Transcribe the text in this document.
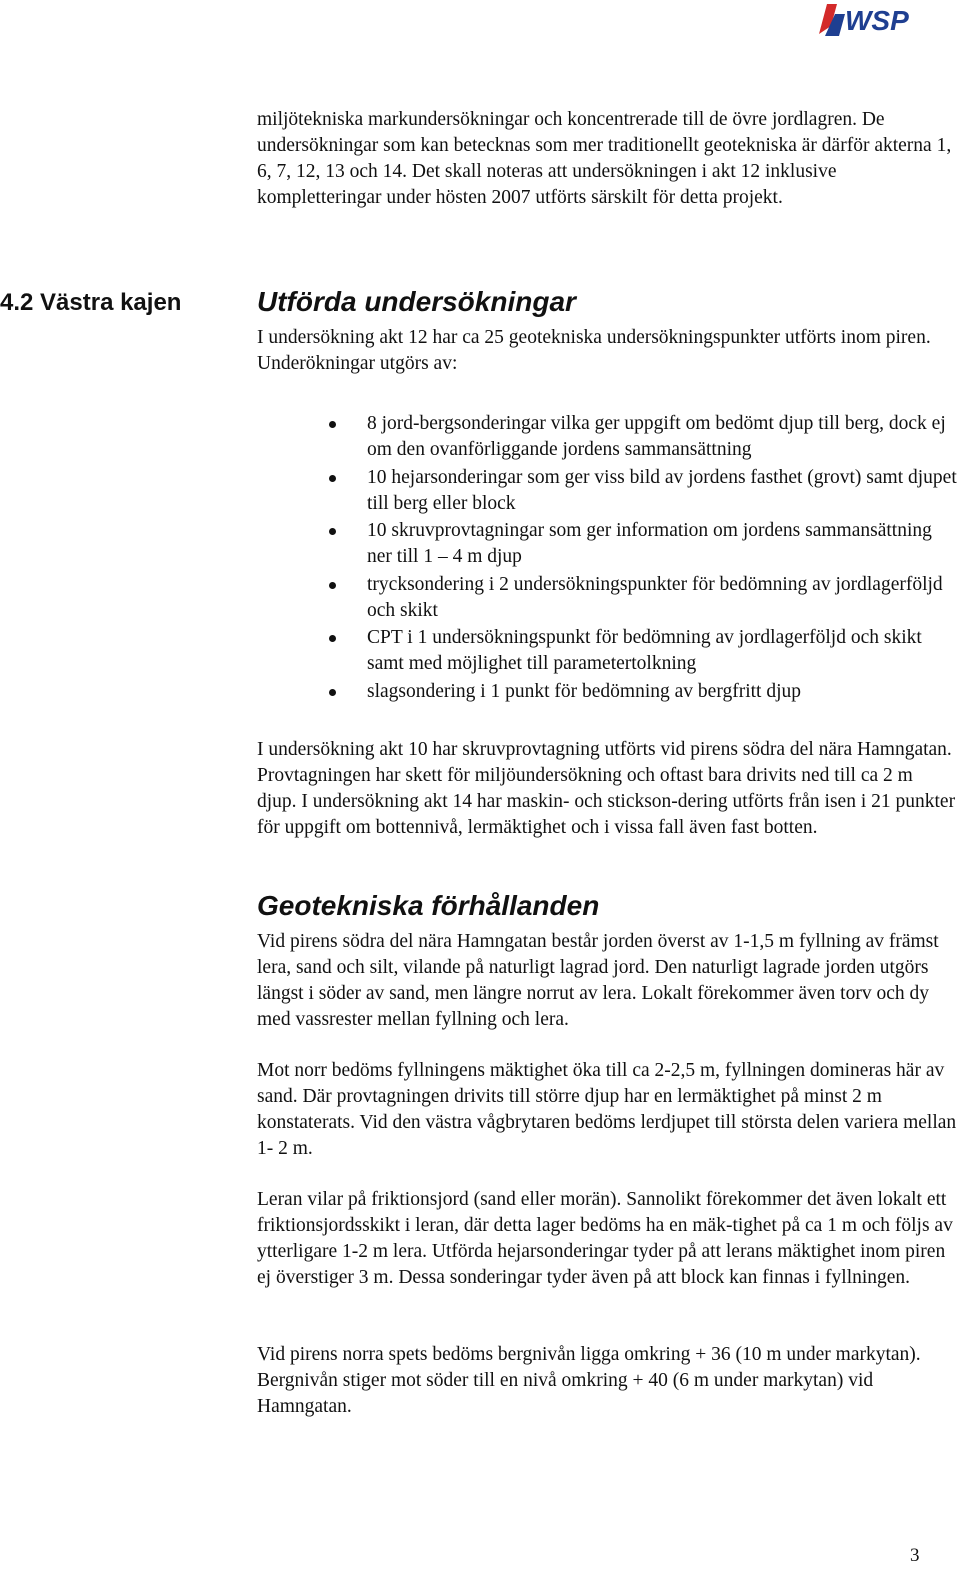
WSP

miljötekniska markundersökningar och koncentrerade till de övre jordlagren. De undersökningar som kan betecknas som mer traditionellt geotekniska är därför akterna 1, 6, 7, 12, 13 och 14. Det skall noteras att undersökningen i akt 12 inklusive kompletteringar under hösten 2007 utförts särskilt för detta projekt.

4.2 Västra kajen	Utförda undersökningar

I undersökning akt 12 har ca 25 geotekniska undersökningspunkter utförts inom piren. Underökningar utgörs av:

8 jord-bergsonderingar vilka ger uppgift om bedömt djup till berg, dock ej om den ovanförliggande jordens sammansättning
10 hejarsonderingar som ger viss bild av jordens fasthet (grovt) samt djupet till berg eller block
10 skruvprovtagningar som ger information om jordens sammansättning ner till 1 – 4 m djup
trycksondering i 2 undersökningspunkter för bedömning av jordlagerföljd och skikt
CPT i 1 undersökningspunkt för bedömning av jordlagerföljd och skikt samt med möjlighet till parametertolkning
slagsondering i 1 punkt för bedömning av bergfritt djup

I undersökning akt 10 har skruvprovtagning utförts vid pirens södra del nära Hamngatan. Provtagningen har skett för miljöundersökning och oftast bara drivits ned till ca 2 m djup. I undersökning akt 14 har maskin- och stickson-dering utförts från isen i 21 punkter för uppgift om bottennivå, lermäktighet och i vissa fall även fast botten.

Geotekniska förhållanden

Vid pirens södra del nära Hamngatan består jorden överst av 1-1,5 m fyllning av främst lera, sand och silt, vilande på naturligt lagrad jord. Den naturligt lagrade jorden utgörs längst i söder av sand, men längre norrut av lera. Lokalt förekommer även torv och dy med vassrester mellan fyllning och lera.

Mot norr bedöms fyllningens mäktighet öka till ca 2-2,5 m, fyllningen domineras här av sand. Där provtagningen drivits till större djup har en lermäktighet på minst 2 m konstaterats. Vid den västra vågbrytaren bedöms lerdjupet till största delen variera mellan 1- 2 m.

Leran vilar på friktionsjord (sand eller morän). Sannolikt förekommer det även lokalt ett friktionsjordsskikt i leran, där detta lager bedöms ha en mäk-tighet på ca 1 m och följs av ytterligare 1-2 m lera. Utförda hejarsonderingar tyder på att lerans mäktighet inom piren ej överstiger 3 m. Dessa sonderingar tyder även på att block kan finnas i fyllningen.

Vid pirens norra spets bedöms bergnivån ligga omkring + 36 (10 m under markytan). Bergnivån stiger mot söder till en nivå omkring + 40 (6 m under markytan) vid Hamngatan.

3
